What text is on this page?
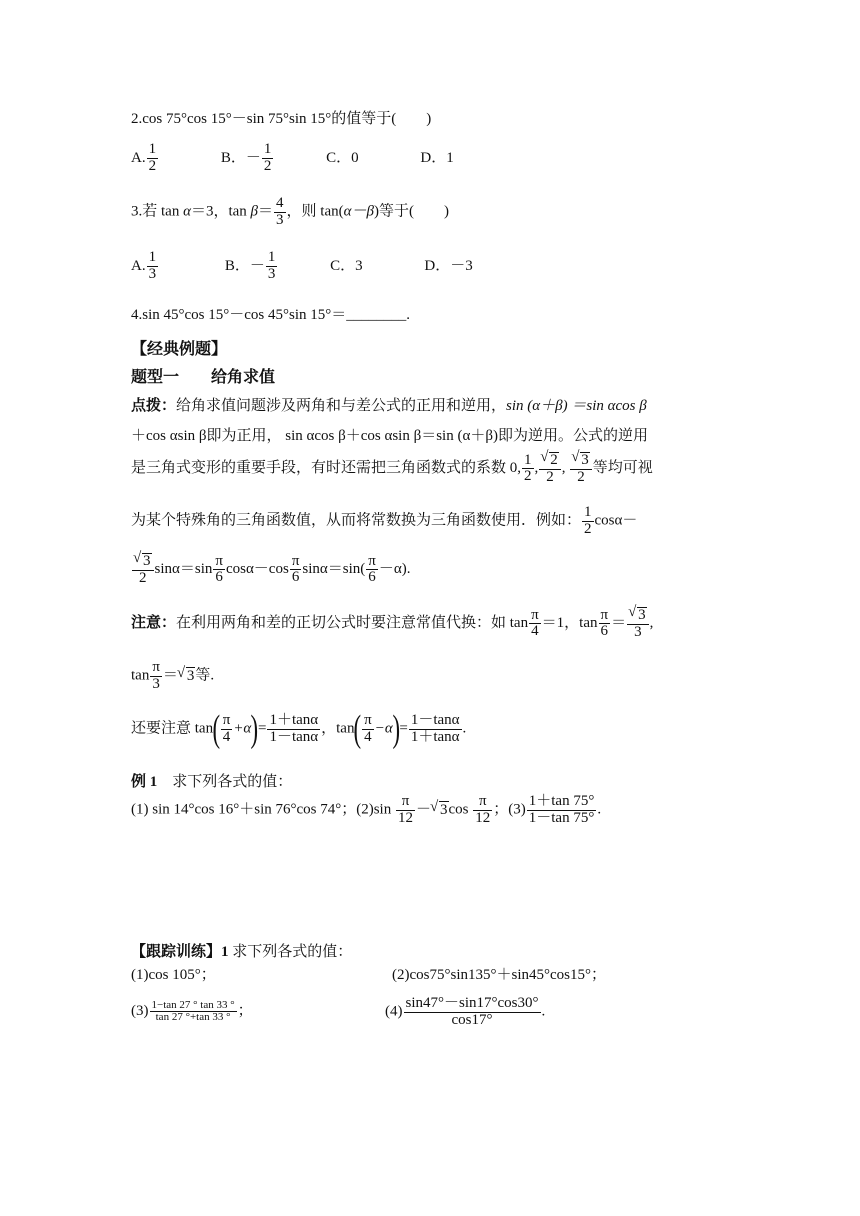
2.cos 75°cos 15°－sin 75°sin 15°的值等于(　　)
A. $\frac{1}{2}$	B．－ $\frac{1}{2}$	C．0	D．1
3.若 tan α＝3，$\tan \beta= \frac{4}{3}$ ，则 tan(α－β)等于(　　)
A. $\frac{1}{3}$	B．－ $\frac{1}{3}$	C．3	D．－3
4.sin 45°cos 15°－cos 45°sin 15°＝________.
【经典例题】
题型一　　给角求值
点拨：给角求值问题涉及两角和与差公式的正用和逆用，sin (α＋β) ＝sin αcos β
＋cos αsin β即为正用， sin αcos β＋cos αsin β＝sin (α＋β)即为逆用。公式的逆用
是三角式变形的重要手段，有时还需把三角函数式的系数 0, $\frac{1}{2}$ , √ $\frac{2}{2}$ , √ $\frac{3}{2}$ 等均可视
为某个特殊角的三角函数值，从而将常数换为三角函数使用．例如： $\frac{1}{2} \cos\alpha-$
√ $\frac{3}{2} \sin\alpha=\sin \frac{\pi}{6} \cos\alpha-\cos \frac{\pi}{6} \sin\alpha=\sin( \frac{\pi}{6} -\alpha)$.
注意：在利用两角和差的正切公式时要注意常值代换：如 $\tan \frac{\pi}{4} =1$，$\tan \frac{\pi}{6}$ ＝ √ $\frac{3}{3}$ ,
$\tan \frac{\pi}{3}$ ＝ √ 3等.
还要注意 $\tan( \frac{\pi}{4} +\alpha)= \frac{1+\tan\alpha}{1-\tan\alpha}$ ，$\tan( \frac{\pi}{4} -\alpha)= \frac{1-\tan\alpha}{1+\tan\alpha}$ .
例 1　求下列各式的值：
(1) sin 14°cos 16°＋sin 76°cos 74°；$(2)\sin \frac{\pi}{12}$ － √ $3\cos \frac{\pi}{12}$ ；$(3) \frac{1+\tan 75^\circ}{1-\tan 75^\circ}$ .
【跟踪训练】1 求下列各式的值：
(1)cos 105°；	(2)cos75°sin135°＋sin45°cos15°；
$(3) \frac{1-\tan 27 ^\circ \tan 33 ^\circ}{\tan 27 ^\circ+\tan 33 ^\circ}$ ；	$(4) \frac{\sin 47^\circ-\sin 17^\circ\cos 30^\circ}{\cos 17^\circ}$ .
